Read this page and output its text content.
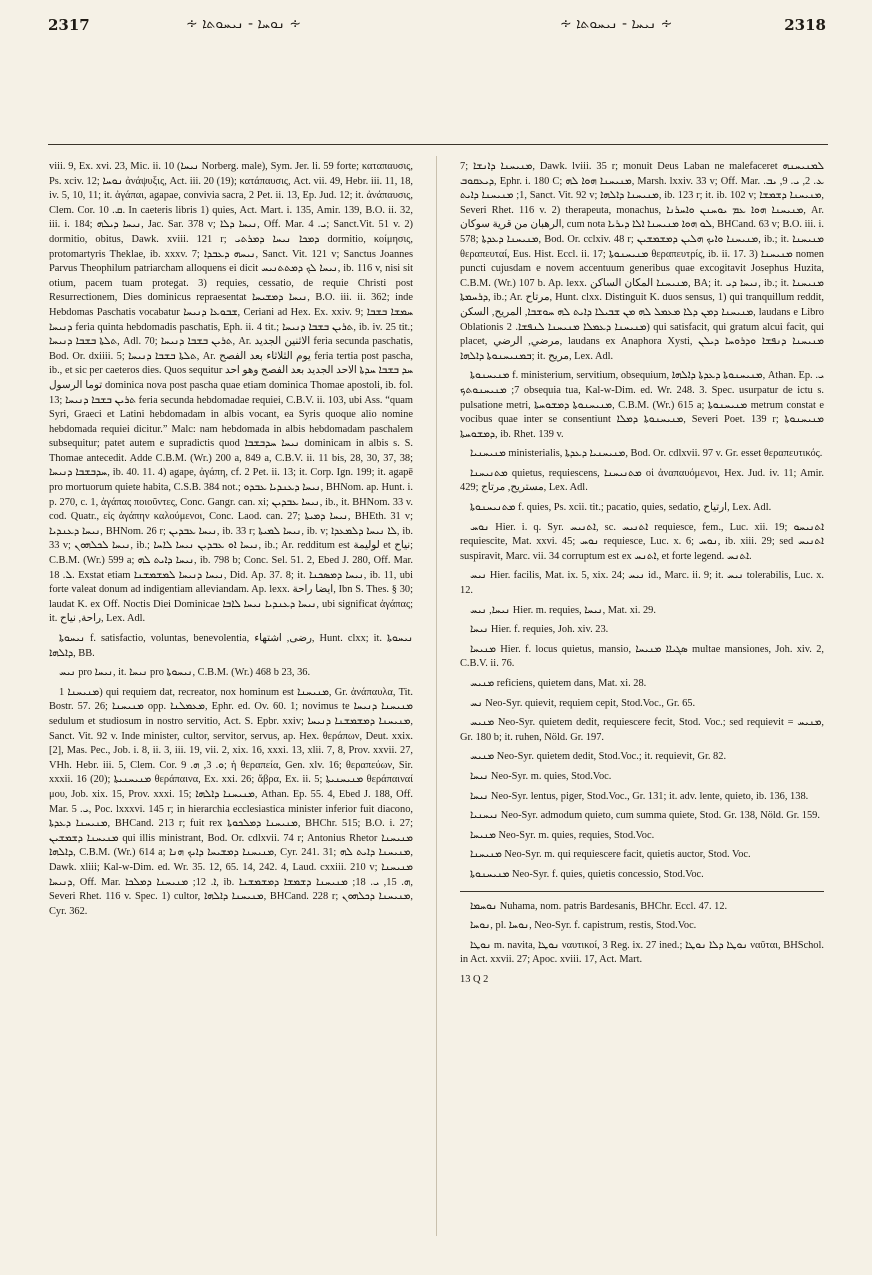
2317	∻ ܢܘܚܐ - ܢܝܚܘܬܐ ∻	∻ ܢܝܚܐ - ܢܝܚܘܬܐ ∻	2318

viii. 9, Ex. xvi. 23, Mic. ii. 10 (ܢܝܚܐ Norberg. male), Sym. Jer. li. 59 forte; καταπαυσις, Ps. xciv. 12; ܢܘܚܐ ἀνάψυξις, Act. iii. 20 (19); κατάπαυσις, Act. vii. 49, Hebr. iii. 11, 18, iv. 5, 10, 11; it. ἀγάπαι, agapae, convivia sacra, 2 Pet. ii. 13, Ep. Jud. 12; it. ἀνάπαυσις, Clem. Cor. ܩ. 10. In caeteris libris 1) quies, Act. Mart. i. 135, Amir. 139, B.O. ii. 32, iii. i. 184; ܢܝܚܐ ܕܝܠܗ, Jac. Sar. 378 v; ܢܝܚܐ ܕܠܐ, Off. Mar. ܝ. 4; Sanct.Vit. 51 v. 2) dormitio, obitus, Dawk. xviii. 121 r; ܕܡܟܐ ܢܝܚܐ ܕܡܪܬܝ dormitio, κοίμησις, protomartyris Theklae, ib. xxxv. 7; ܢܝܚܗ ܕܥܒܕܐ, Sanct. Vit. 121 v; Sanctus Joannes Parvus Theophilum patriarcham alloquens ei dicit ܢܝܚܐ ܠܟ ܕܡܬܬܢܝܚ, ib. 116 v, nisi sit otium, pacem tuam protegat. 3) requies, cessatio, de requie Christi post Resurrectionem, Dies dominicus repraesentat ܢܝܚܐ ܕܡܫܝܚܐ, B.O. iii. ii. 362; inde Hebdomas Paschatis vocabatur ܫܒܘܥܐ ܕܢܝܚܐ, Ceriani ad Hex. Ex. xxiv. 9; ܚܡܫܐ ܒܫܒܐ ܕܢܝܚܐ feria quinta hebdomadis paschatis, Eph. ii. 4 tit.; ܬܪܝܢ ܒܫܒܐ ܕܢܝܚܐ, ib. iv. 25 tit.; ܬܠܬܐ ܒܫܒܐ ܕܢܝܚܐ, Adl. 70; ܬܪܝܢ ܒܫܒܐ ܕܢܝܚܐ, Ar. الاثنين الجديد feria secunda paschatis, Bod. Or. dxiiii. 5; ܬܠܬܐ ܒܫܒܐ ܕܢܝܚܐ, Ar. يوم الثلاثاء بعد الفصح feria tertia post pascha, ib., et sic per caeteros dies. Quos sequitur ܚܕ ܒܫܒܐ ܚܕܬܐ الاحد الجديد بعد الفصح وهو احد توما الرسول dominica nova post pascha quae etiam dominica Thomae apostoli, ib. fol. 13; ܬܪܝܢ ܒܫܒܐ ܕܢܝܚܐ feria secunda hebdomadae requiei, C.B.V. ii. 103, ubi Ass. “quam Syri, Graeci et Latini hebdomadam in albis vocant, ea Syris quoque alio nomine hebdomada requiei dicitur.” Malc: nam hebdomada in albis hebdomadam paschalem subsequitur; patet autem e supradictis quod ܢܝܚܐ ܚܕܒܫܒܐ dominicam in albis s. S. Thomae antecedit. Adde C.B.M. (Wr.) 200 a, 849 a, C.B.V. ii. 11 bis, 28, 30, 37, 38; ܚܕܒܫܒܐ ܕܢܝܚܐ, ib. 40. 11. 4) agape, ἀγάπη, cf. 2 Pet. ii. 13; it. Corp. Ign. 199; it. agapē pro mortuorum quiete habita, C.S.B. 384 not.; ܢܝܚܐ ܕܥܢܕܝܐ ܥܒܕܘ, BHNom. ap. Hunt. i. p. 270, c. 1, ἀγάπας ποιοῦντες, Conc. Gangr. can. xi; ܢܝܚܐ ܥܒܕܝܢ, ib., it. BHNom. 33 v. cod. Quatr., εἰς ἀγάπην καλούμενοι, Conc. Laod. can. 27; ܢܝܚܐ ܕܡܝܬܐ, BHEth. 31 v; ܢܝܚܐ ܕܥܢܕܝܐ, BHNom. 26 r; ܢܝܚܐ ܥܒܕܝܢ, ib. 33 r; ܢܝܚܐ ܠܡܝܬܐ, ib. v; ܠܐ ܢܝܚܐ ܕܠܡܥܕܐ, ib. 33 v; ܢܝܚܐ ܠܟܠܗܘܢ, ib.; ܢܝܚܐ ܐܘ ܥܒܕܝܢ ܢܝܚܐ ܠܐܚܐ, ib.; Ar. redditum est لوليمة et نياح; C.B.M. (Wr.) 599 a; ܢܝܚܐ ܕܐܝܬ ܠܗ, ib. 798 b; Conc. Sel. 51. 2, Ebed J. 280, Off. Mar. ܠ. 18. Exstat etiam ܢܝܚܐ ܕܢܝܚܐ ܠܡܫܡܫܢܐ, Did. Ap. 37. 8; it. ܢܝܚܐ ܕܡܣܟܢܐ, ib. 11, ubi forte valeat donum ad indigentiam alleviandam. Ap. lexx. ايضا راحة, Ibn S. Thes. § 30; laudat K. ex Off. Noctis Diei Dominicae ܢܝܚܐ ܕܥܢܕܝܐ ܢܝܚܐ ܠܐܒܐ, ubi significat ἀγάπας; it. راحة, نياح, Lex. Adl.

ܢܝܚܘܬܐ f. satisfactio, voluntas, benevolentia, رضى, اشتهاء, Hunt. clxx; it. ܢܝܚܘܬܐ ܕܐܠܗܐ, BB.

ܢܝܚ pro ܢܝܚܐ, it. ܢܝܚܐ pro ܢܝܚܘܬܐ, C.B.M. (Wr.) 468 b 23, 36.

ܡܢܝܚܢܐ 1) qui requiem dat, recreator, nox hominum est ܡܢܝܚܢܐ, Gr. ἀνάπαυλα, Tit. Bostr. 57. 26; ܡܢܝܚܢܐ opp. ܡܥܡܠܢܐ, Ephr. ed. Ov. 60. 1; novimus te ܡܢܝܚܢܐ ܕܢܝܚܐ sedulum et studiosum in nostro servitio, Act. S. Epbr. xxiv; ܡܢܝܚܢܐ ܕܡܫܡܫܢܐ ܕܢܝܚܐ, Sanct. Vit. 92 v. Inde minister, cultor, servitor, servus, ap. Hex. θεράπων, Deut. xxix. [2], Mas. Pec., Job. i. 8, ii. 3, iii. 19, vii. 2, xix. 16, xxxi. 13, xlii. 7, 8, Prov. xxvii. 27, VHh. Hebr. iii. 5, Clem. Cor. ܘ. 3, ܗ. 9; ἡ θεραπεία, Gen. xlv. 16; θεραπεύων, Sir. xxxii. 16 (20); ܡܢܝܚܢܝܬܐ θεράπαινα, Ex. xxi. 26; ἄβρα, Ex. ii. 5; ܡܢܝܚܢܝܬܐ θεράπαιναί μου, Job. xix. 15, Prov. xxxi. 15; ܡܢܝܚܢܐ ܕܐܠܗܐ, Athan. Ep. 55. 4, Ebed J. 188, Off. Mar. ܝ. 5, Poc. lxxxvi. 145 r; in hierarchia ecclesiastica minister inferior fuit diacono, ܡܢܝܚܢܐ ܕܥܕܬܐ, BHCand. 213 r; fuit rex ܡܢܝܚܢܐ ܕܡܠܟܘܬܐ, BHChr. 515; B.O. i. 27; ܡܢܝܚܢܐ ܕܫܡܫܝܢ qui illis ministrant, Bod. Or. cdlxvii. 74 r; Antonius Rhetor ܡܢܝܚܢܐ ܕܐܠܗܐ, C.B.M. (Wr.) 614 a; ܡܢܝܚܢܐ ܕܡܫܝܚܐ ܕܐܝܟ ܗܢܐ, Cyr. 241. 31; ܡܢܝܚܢܐ ܕܐܝܬ ܠܗ, Dawk. xliii; Kal-w-Dim. ed. Wr. 35. 12, 65. 14, 242. 4, Laud. cxxiii. 210 v; ܡܢܝܚܢܐ ܕܢܝܚܐ, Off. Mar. ܐ. 12; ܡܢܝܚܢܐ ܕܡܠܟܐ, ib. ܗ. 15, ܝ. 18; ܡܢܝܚܢܐ ܕܫܡܫܐ ܕܡܫܡܫܢܐ, Severi Rhet. 116 v. Spec. 1) cultor, ܡܢܝܚܢܐ ܕܐܠܗܐ, BHCand. 228 r; ܡܢܝܚܢܐ ܕܟܠܗܘܢ, Cyr. 362.

7; ܡܢܝܚܢܐ ܕܐܢܫܐ, Dawk. lviii. 35 r; monuit Deus Laban ne malefaceret ܠܡܢܝܚܢܗ ܕܝܥܩܘܒ, Ephr. i. 180 C; ܡܢܝܚܢܐ ܗܘܐ ܠܗ, Marsh. lxxiv. 33 v; Off. Mar. ܥ. 2, ܝ. 9, ܝܒ. 1; ܡܢܝܚܢܐ ܕܐܝܬ, Sanct. Vit. 92 v; ܡܢܝܚܢܐ ܕܐܠܗܐ, ib. 123 r; it. ib. 102 v; ܡܢܝܚܢܐ ܕܫܡܫܐ, Severi Rhet. 116 v. 2) therapeuta, monachus, ܡܢܝܚܢܐ ܗܘܐ ܥܡ ܝܘܚܢܢ ܘܐܚܪܢܐ, Ar. الرهبان من قرية سوكان, cum nota ܠܘ ܗܘܐ ܡܢܝܚܢܐ ܐܠܐ ܕܝܪܝܐ, BHCand. 63 v; B.O. iii. i. 578; ܡܢܝܚܢܐ ܕܥܕܬܐ, Bod. Or. cclxiv. 48 r; ܡܢܝܚܢܐ ܘܐܝܟ ܗܠܝܢ ܕܡܫܡܫܝܢ, ib.; it. ܡܢܝܚܢܐ θεραπευταί, Eus. Hist. Eccl. ii. 17; ܡܢܝܚܢܘܬܐ θεραπευτρίς, ib. ii. 17. 3) ܡܢܝܚܢܐ nomen puncti cujusdam e novem accentuum generibus quae excogitavit Josephus Huzita, C.B.M. (Wr.) 107 b. Ap. lexx. ܡܢܝܚܢܐ المكان الساكن, BA; it. ܢܝܚܐ ܕܝ, ib.; it. ܡܢܝܚܢܐ ܕܪܚܡܬܐ, ib.; Ar. مرتاح, Hunt. clxx. Distinguit K. duos sensus, 1) qui tranquillum reddit, ܡܢܝܚܢܐ ܕܡܢ ܕܠܐ ܡܥܡܠ ܠܗ ܡܢ ܫܒܝܠܐ ܕܐܝܬ ܠܗ ܚܘܫܒܐ, المريح, السكن, laudans e Libro Oblationis ܡܢܝܚܢܐ ܕܥܡܠܐ ܡܢܝܚܢܐ ܠܢܦܫܐ. 2) qui satisfacit, qui gratum alcui facit, qui placet, مرضي, الرضي, laudans ex Anaphora Xysti, ܡܢܝܚܢܐ ܕܢܦܫܐ ܘܕܪܘܚܐ ܕܝܠܢ ܒܡܢܝܚܢܘܬܐ ܕܐܠܗܐ; it. مريح, Lex. Adl.

ܡܢܝܚܢܘܬܐ f. ministerium, servitium, obsequium, ܡܢܝܚܢܘܬܐ ܕܥܕܬܐ ܕܐܠܗܐ, Athan. Ep. ܝ. 7; ܡܢܝܚܢܘܬܟ obsequia tua, Kal-w-Dim. ed. Wr. 248. 3. Spec. usurpatur de ictu s. pulsatione metri, ܡܢܝܚܢܘܬܐ ܕܡܫܘܚܬܐ, C.B.M. (Wr.) 615 a; ܡܢܝܚܢܘܬܐ metrum constat e vocibus quae inter se consentiunt ܡܢܝܚܢܘܬܐ ܕܡܠܐ, Severi Poet. 139 r; ܡܢܝܚܢܘܬܐ ܕܡܫܘܚܬܐ, ib. Rhet. 139 v.

ܡܢܝܚܢܝܐ ministerialis, ܡܢܝܚܢܝܐ ܕܥܕܬܐ, Bod. Or. cdlxvii. 97 v. Gr. esset θεραπευτικός.

ܡܬܢܝܚܢܐ quietus, requiescens, ܡܬܢܝܚܢܐ οἱ ἀναπαυόμενοι, Hex. Jud. iv. 11; Amir. 429; مستريح, مرتاح, Lex. Adl.

ܡܬܢܝܚܢܘܬܐ f. quies, Ps. xcii. tit.; pacatio, quies, sedatio, ارتياح, Lex. Adl.

ܢܘܚ Hier. i. q. Syr. ܐܬܢܝܚ, sc. ܐܬܢܝܚ requiesce, fem., Luc. xii. 19; ܐܬܢܝܚܘ requiescite, Mat. xxvi. 45; ܢܘܚ requiesce, Luc. x. 6; ܢܘܚ, ib. xiii. 29; sed ܐܬܢܝܚ suspiravit, Marc. vii. 34 corruptum est ex ܐܬܢܚ, et forte legend. ܐܬܢܚ.

ܢܝܚ Hier. facilis, Mat. ix. 5, xix. 24; ܢܝܚ id., Marc. ii. 9; it. ܢܝܚ tolerabilis, Luc. x. 12.

ܢܝܚܐ, ܢܝܚ Hier. m. requies, ܢܝܚܐ, Mat. xi. 29.

ܢܝܚܐ Hier. f. requies, Joh. xiv. 23.

ܡܢܝܚܐ Hier. f. locus quietus, mansio, ܣܓܝܐܐ ܡܢܝܚܐ multae mansiones, Joh. xiv. 2, C.B.V. ii. 76.

ܡܢܝܚ reficiens, quietem dans, Mat. xi. 28.

ܢܚ Neo-Syr. quievit, requiem cepit, Stod.Voc., Gr. 65.

ܡܢܝܚ Neo-Syr. quietem dedit, requiescere fecit, Stod. Voc.; sed requievit = ܡܢܝܚ, Gr. 180 b; it. ruhen, Nöld. Gr. 197.

ܡܢܝܚ Neo-Syr. quietem dedit, Stod.Voc.; it. requievit, Gr. 82.

ܢܝܚܐ Neo-Syr. m. quies, Stod.Voc.

ܢܝܚܐ Neo-Syr. lentus, piger, Stod.Voc., Gr. 131; it. adv. lente, quieto, ib. 136, 138.

ܢܝܚܢܝܐ Neo-Syr. admodum quieto, cum summa quiete, Stod. Gr. 138, Nöld. Gr. 159.

ܡܢܝܚܐ Neo-Syr. m. quies, requies, Stod.Voc.

ܡܢܝܚܢܐ Neo-Syr. m. qui requiescere facit, quietis auctor, Stod. Voc.

ܡܢܝܚܢܘܬܐ Neo-Syr. f. quies, quietis concessio, Stod.Voc.

ܢܘܚܡܐ Nuhama, nom. patris Bardesanis, BHChr. Eccl. 47. 12.

ܢܘܚܐ, pl. ܢܘܚܐ, Neo-Syr. f. capistrum, restis, Stod.Voc.

ܢܘܛܐ m. navita, ܢܘܛܐ ναυτικοί, 3 Reg. ix. 27 ined.; ܢܘܛܐ ܕܠܐ ܢܘܛܐ ναῦται, BHSchol. in Act. xxvii. 27; Apoc. xviii. 17, Act. Mart.

13 Q 2
